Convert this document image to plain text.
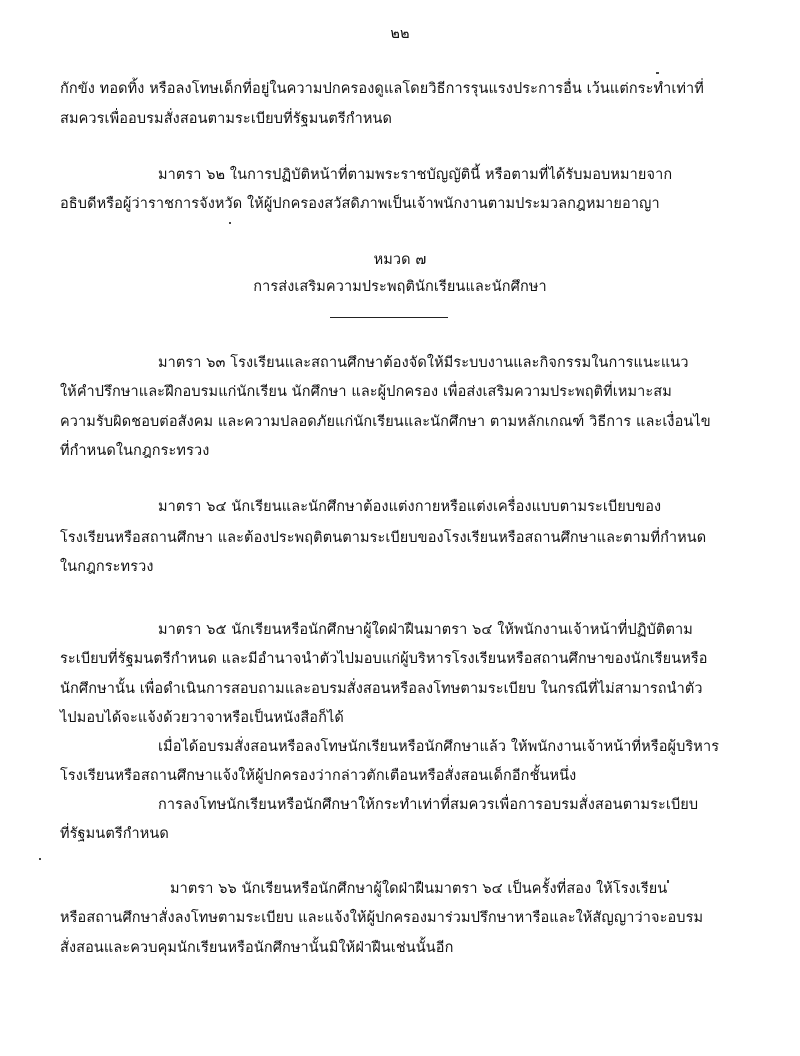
๒๒
กักขัง ทอดทิ้ง หรือลงโทษเด็กที่อยู่ในความปกครองดูแลโดยวิธีการรุนแรงประการอื่น เว้นแต่กระทำเท่าที่
สมควรเพื่ออบรมสั่งสอนตามระเบียบที่รัฐมนตรีกำหนด
มาตรา ๖๒ ในการปฏิบัติหน้าที่ตามพระราชบัญญัตินี้ หรือตามที่ได้รับมอบหมายจาก
อธิบดีหรือผู้ว่าราชการจังหวัด ให้ผู้ปกครองสวัสดิภาพเป็นเจ้าพนักงานตามประมวลกฎหมายอาญา
หมวด ๗
การส่งเสริมความประพฤตินักเรียนและนักศึกษา
มาตรา ๖๓ โรงเรียนและสถานศึกษาต้องจัดให้มีระบบงานและกิจกรรมในการแนะแนว
ให้คำปรึกษาและฝึกอบรมแก่นักเรียน นักศึกษา และผู้ปกครอง เพื่อส่งเสริมความประพฤติที่เหมาะสม
ความรับผิดชอบต่อสังคม และความปลอดภัยแก่นักเรียนและนักศึกษา ตามหลักเกณฑ์ วิธีการ และเงื่อนไข
ที่กำหนดในกฎกระทรวง
มาตรา ๖๔ นักเรียนและนักศึกษาต้องแต่งกายหรือแต่งเครื่องแบบตามระเบียบของ
โรงเรียนหรือสถานศึกษา และต้องประพฤติตนตามระเบียบของโรงเรียนหรือสถานศึกษาและตามที่กำหนด
ในกฎกระทรวง
มาตรา ๖๕ นักเรียนหรือนักศึกษาผู้ใดฝ่าฝืนมาตรา ๖๔ ให้พนักงานเจ้าหน้าที่ปฏิบัติตาม
ระเบียบที่รัฐมนตรีกำหนด และมีอำนาจนำตัวไปมอบแก่ผู้บริหารโรงเรียนหรือสถานศึกษาของนักเรียนหรือ
นักศึกษานั้น เพื่อดำเนินการสอบถามและอบรมสั่งสอนหรือลงโทษตามระเบียบ ในกรณีที่ไม่สามารถนำตัว
ไปมอบได้จะแจ้งด้วยวาจาหรือเป็นหนังสือก็ได้
เมื่อได้อบรมสั่งสอนหรือลงโทษนักเรียนหรือนักศึกษาแล้ว ให้พนักงานเจ้าหน้าที่หรือผู้บริหาร
โรงเรียนหรือสถานศึกษาแจ้งให้ผู้ปกครองว่ากล่าวตักเตือนหรือสั่งสอนเด็กอีกชั้นหนึ่ง
การลงโทษนักเรียนหรือนักศึกษาให้กระทำเท่าที่สมควรเพื่อการอบรมสั่งสอนตามระเบียบ
ที่รัฐมนตรีกำหนด
มาตรา ๖๖ นักเรียนหรือนักศึกษาผู้ใดฝ่าฝืนมาตรา ๖๔ เป็นครั้งที่สอง ให้โรงเรียน
หรือสถานศึกษาสั่งลงโทษตามระเบียบ และแจ้งให้ผู้ปกครองมาร่วมปรึกษาหารือและให้สัญญาว่าจะอบรม
สั่งสอนและควบคุมนักเรียนหรือนักศึกษานั้นมิให้ฝ่าฝืนเช่นนั้นอีก
